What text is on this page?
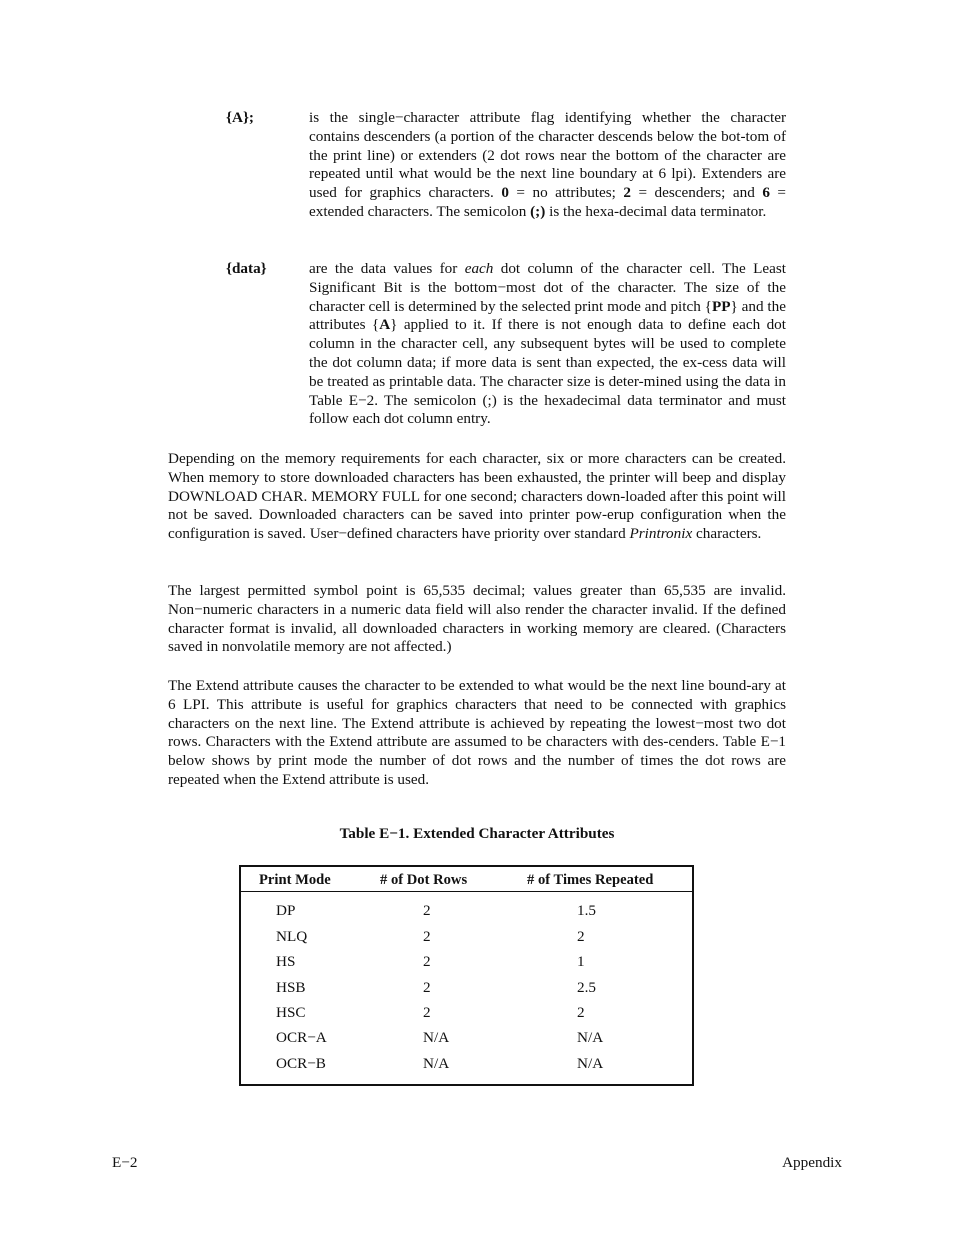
{A};	is the single−character attribute flag identifying whether the character contains descenders (a portion of the character descends below the bot-tom of the print line) or extenders (2 dot rows near the bottom of the character are repeated until what would be the next line boundary at 6 lpi). Extenders are used for graphics characters. 0 = no attributes; 2 = descenders; and 6 = extended characters. The semicolon (;) is the hexa-decimal data terminator.
{data}	are the data values for each dot column of the character cell. The Least Significant Bit is the bottom−most dot of the character. The size of the character cell is determined by the selected print mode and pitch {PP} and the attributes {A} applied to it. If there is not enough data to define each dot column in the character cell, any subsequent bytes will be used to complete the dot column data; if more data is sent than expected, the ex-cess data will be treated as printable data. The character size is deter-mined using the data in Table E−2. The semicolon (;) is the hexadecimal data terminator and must follow each dot column entry.
Depending on the memory requirements for each character, six or more characters can be created. When memory to store downloaded characters has been exhausted, the printer will beep and display DOWNLOAD CHAR. MEMORY FULL for one second; characters down-loaded after this point will not be saved. Downloaded characters can be saved into printer pow-erup configuration when the configuration is saved. User−defined characters have priority over standard Printronix characters.
The largest permitted symbol point is 65,535 decimal; values greater than 65,535 are invalid. Non−numeric characters in a numeric data field will also render the character invalid. If the defined character format is invalid, all downloaded characters in working memory are cleared. (Characters saved in nonvolatile memory are not affected.)
The Extend attribute causes the character to be extended to what would be the next line bound-ary at 6 LPI. This attribute is useful for graphics characters that need to be connected with graphics characters on the next line. The Extend attribute is achieved by repeating the lowest−most two dot rows. Characters with the Extend attribute are assumed to be characters with des-cenders. Table E−1 below shows by print mode the number of dot rows and the number of times the dot rows are repeated when the Extend attribute is used.
Table E−1. Extended Character Attributes
Print Mode	# of Dot Rows	# of Times Repeated
DP	2	1.5
NLQ	2	2
HS	2	1
HSB	2	2.5
HSC	2	2
OCR−A	N/A	N/A
OCR−B	N/A	N/A
E−2	Appendix
